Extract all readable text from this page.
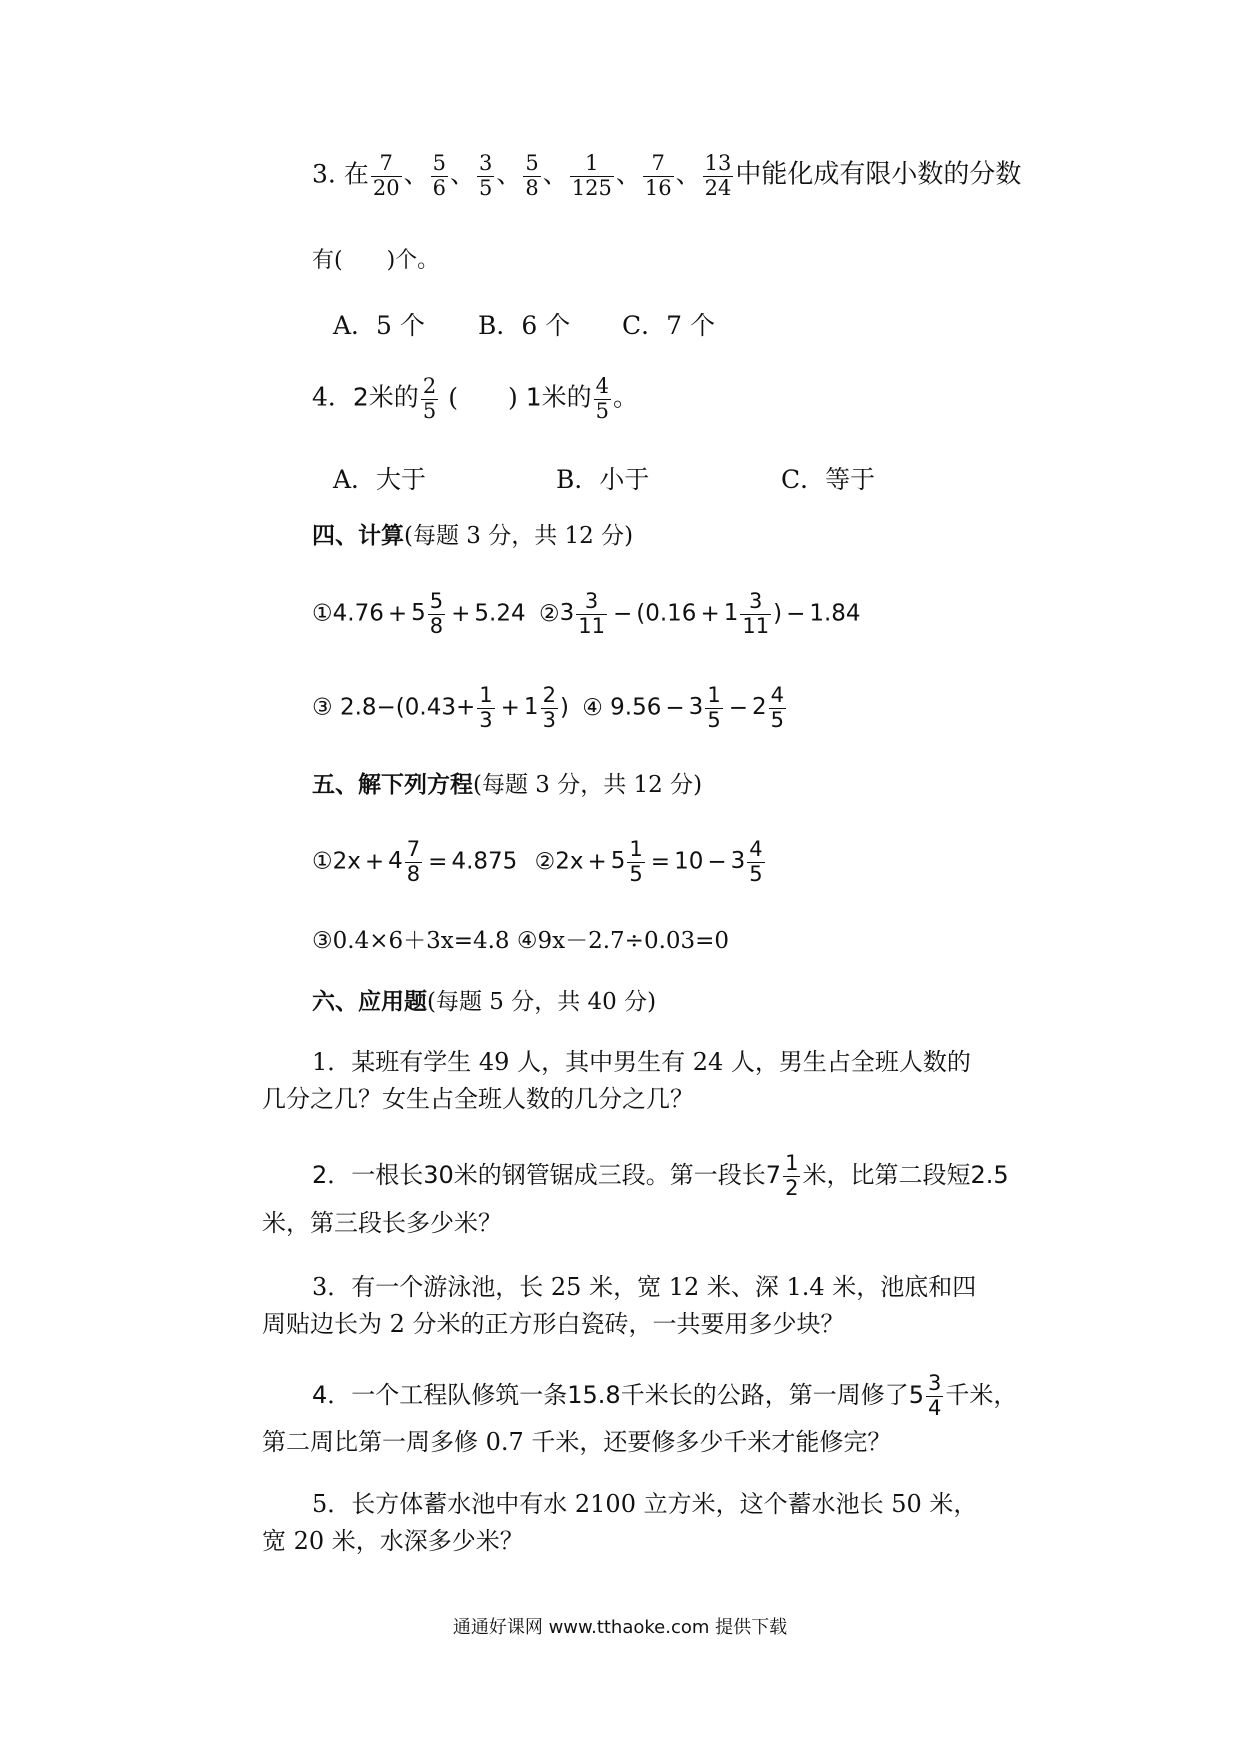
3. 在 $\frac{7}{20}$ 、 $\frac{5}{6}$ 、 $\frac{3}{5}$ 、 $\frac{5}{8}$ 、 $\frac{1}{125}$ 、 $\frac{7}{16}$ 、 $\frac{13}{24}$ 中能化成有限小数的分数
有(　　)个。
A．5 个 B．6 个 C．7 个
4．2米的 $\frac{2}{5}$ (　　) 1米的 $\frac{4}{5}$ 。
A．大于	B．小于	C．等于
四、计算(每题 3 分，共 12 分)
①4.76 + $5 \frac{5}{8} + 5.24$ ② $3 \frac{3}{11} - (0.16 + 1 \frac{3}{11}$ ) − 1.84
③ $2.8-(0.43+ \frac{1}{3} + 1 \frac{2}{3}$ ) ④ $9.56 - 3 \frac{1}{5} - 2 \frac{4}{5}$
五、解下列方程(每题 3 分，共 12 分)
①2x + $4 \frac{7}{8} = 4.875$ ②2x + $5 \frac{1}{5} = 10 - 3 \frac{4}{5}$
③0.4×6＋3x=4.8 ④9x－2.7÷0.03=0
六、应用题(每题 5 分，共 40 分)
1．某班有学生 49 人，其中男生有 24 人，男生占全班人数的
几分之几？女生占全班人数的几分之几？
2．一根长30米的钢管锯成三段。第一段长$7 \frac{1}{2}$ 米，比第二段短2.5
米，第三段长多少米？
3．有一个游泳池，长 25 米，宽 12 米、深 1.4 米，池底和四
周贴边长为 2 分米的正方形白瓷砖，一共要用多少块？
4．一个工程队修筑一条15.8千米长的公路，第一周修了$5 \frac{3}{4}$ 千米，
第二周比第一周多修 0.7 千米，还要修多少千米才能修完？
5．长方体蓄水池中有水 2100 立方米，这个蓄水池长 50 米，
宽 20 米，水深多少米？
通通好课网 www.tthaoke.com 提供下载
